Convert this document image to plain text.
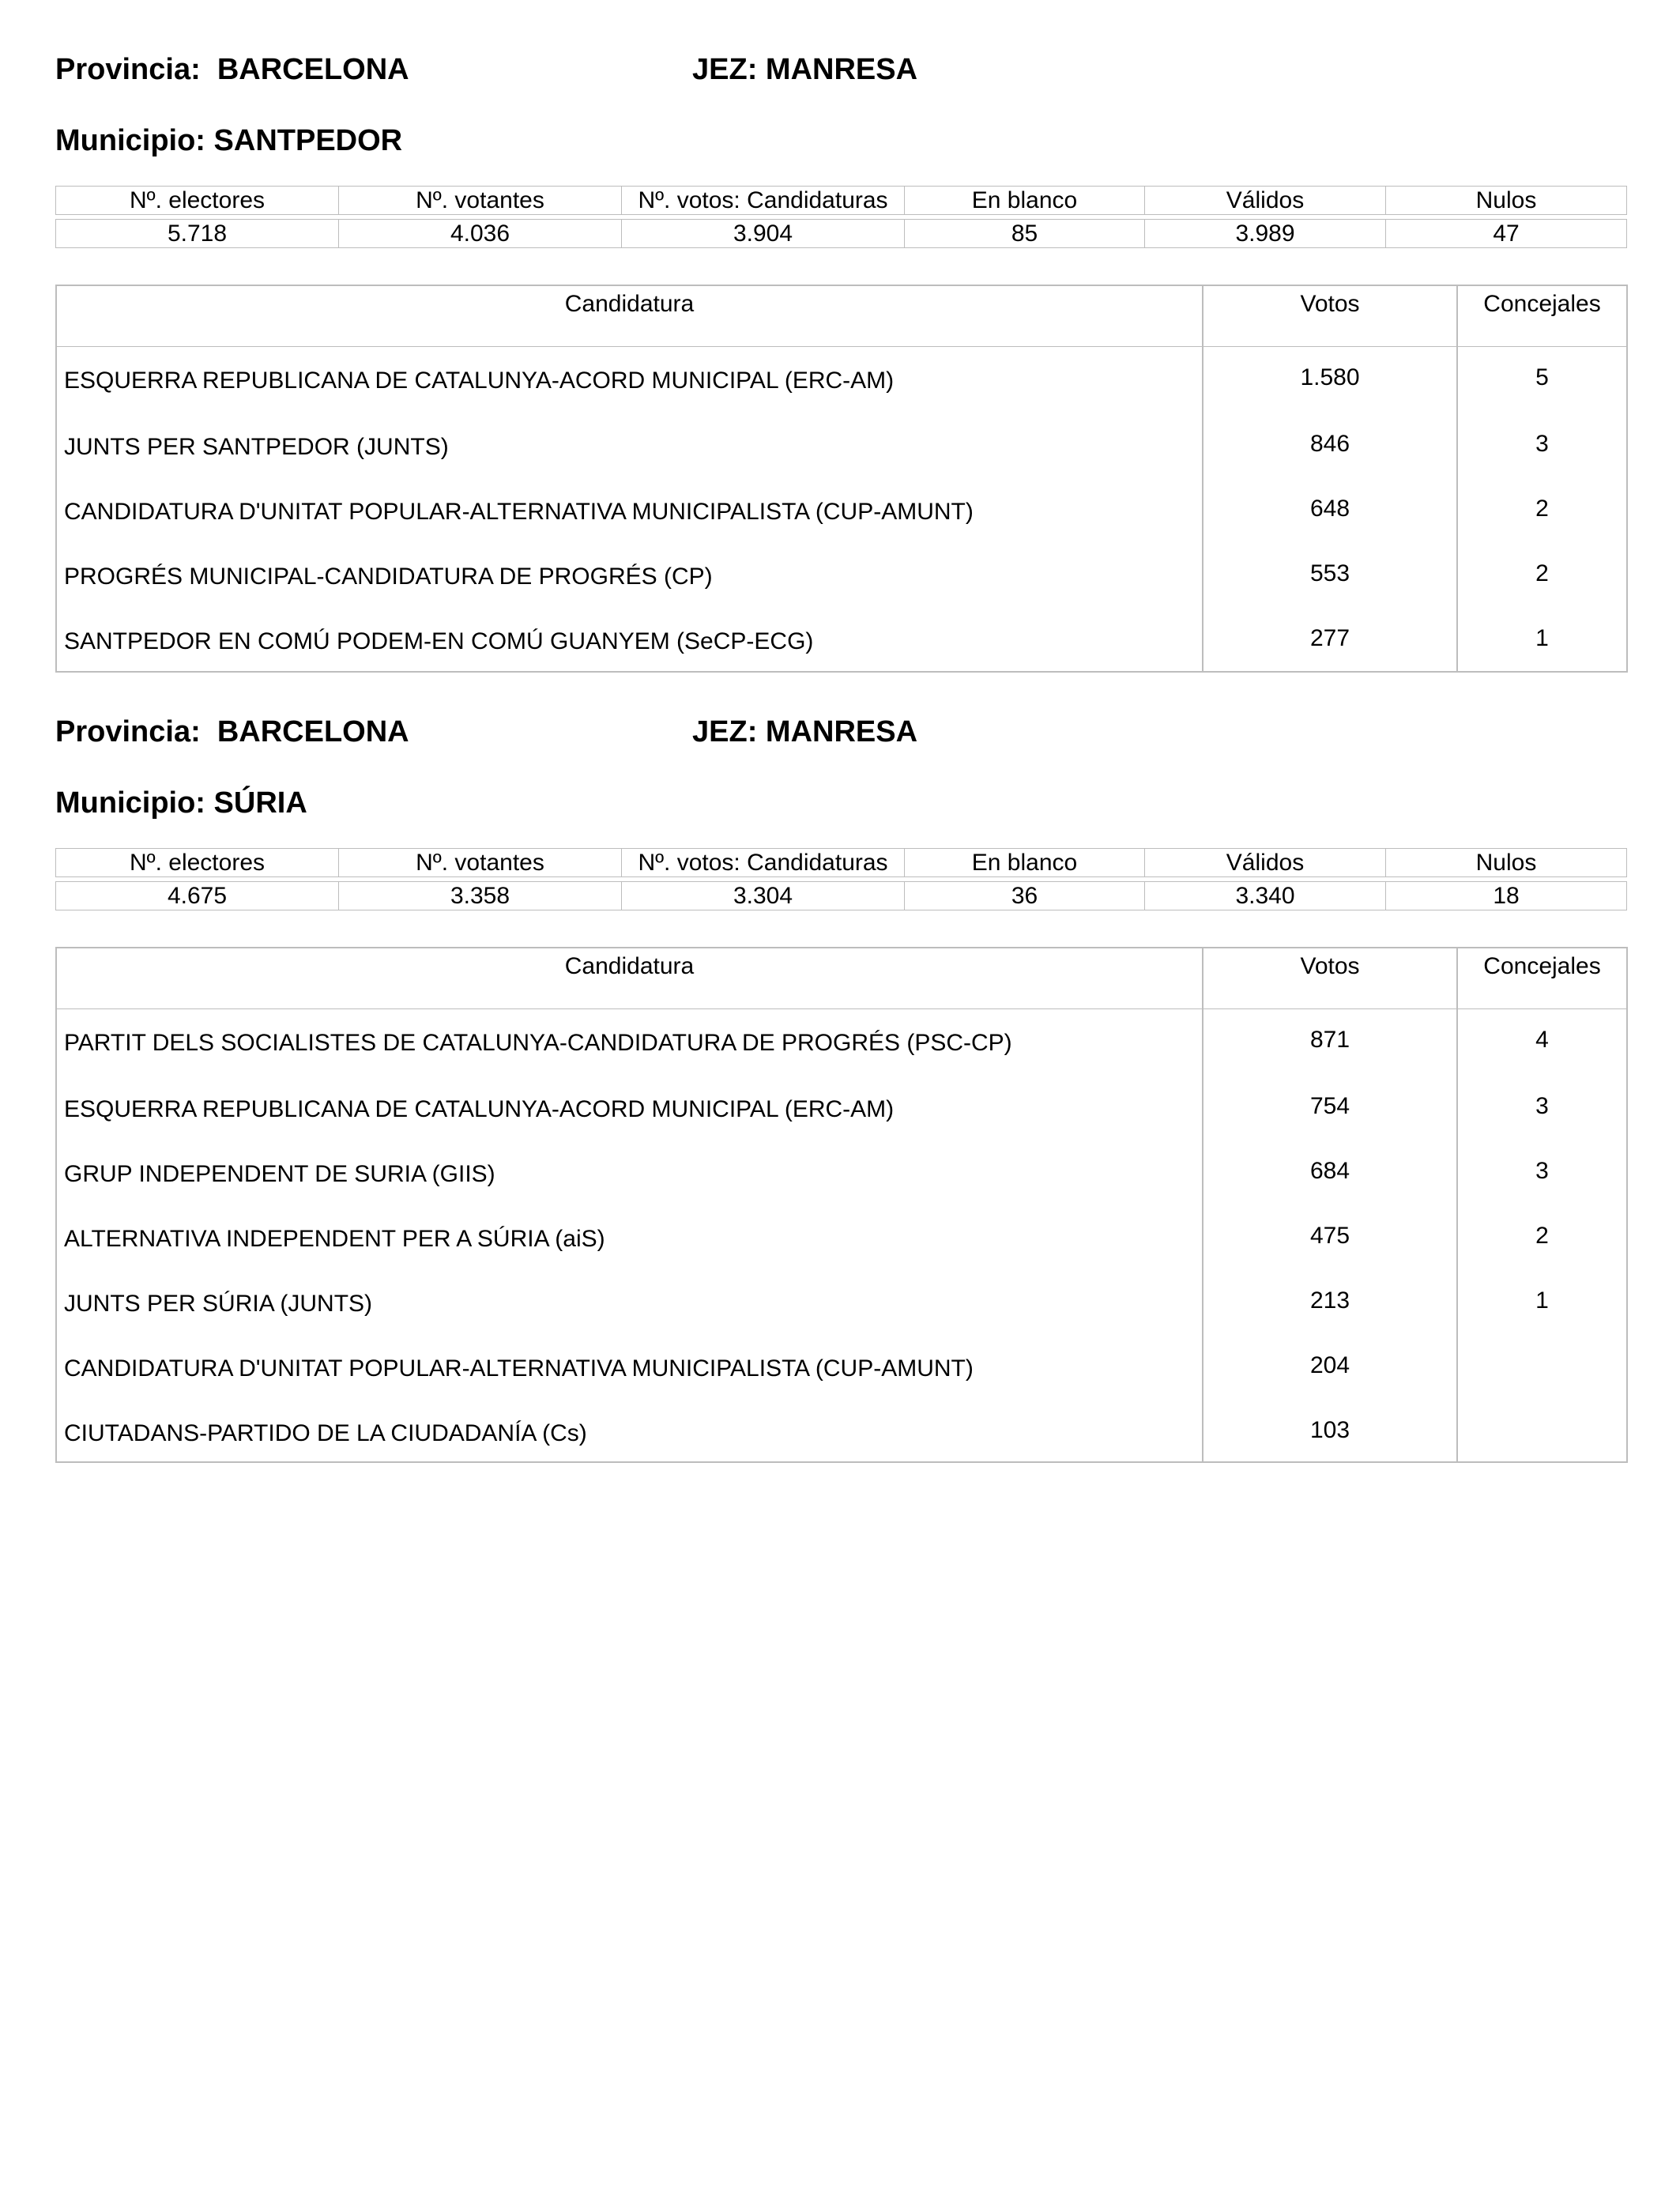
Provincia: BARCELONA	JEZ: MANRESA
Municipio: SANTPEDOR
Nº. electores	Nº. votantes	Nº. votos: Candidaturas	En blanco	Válidos	Nulos

5.718	4.036	3.904	85	3.989	47
Candidatura	Votos	Concejales
ESQUERRA REPUBLICANA DE CATALUNYA-ACORD MUNICIPAL (ERC-AM)	1.580	5
JUNTS PER SANTPEDOR (JUNTS)	846	3
CANDIDATURA D'UNITAT POPULAR-ALTERNATIVA MUNICIPALISTA (CUP-AMUNT)	648	2
PROGRÉS MUNICIPAL-CANDIDATURA DE PROGRÉS (CP)	553	2
SANTPEDOR EN COMÚ PODEM-EN COMÚ GUANYEM (SeCP-ECG)	277	1
Provincia: BARCELONA	JEZ: MANRESA
Municipio: SÚRIA
Nº. electores	Nº. votantes	Nº. votos: Candidaturas	En blanco	Válidos	Nulos

4.675	3.358	3.304	36	3.340	18
Candidatura	Votos	Concejales
PARTIT DELS SOCIALISTES DE CATALUNYA-CANDIDATURA DE PROGRÉS (PSC-CP)	871	4
ESQUERRA REPUBLICANA DE CATALUNYA-ACORD MUNICIPAL (ERC-AM)	754	3
GRUP INDEPENDENT DE SURIA (GIIS)	684	3
ALTERNATIVA INDEPENDENT PER A SÚRIA (aiS)	475	2
JUNTS PER SÚRIA (JUNTS)	213	1
CANDIDATURA D'UNITAT POPULAR-ALTERNATIVA MUNICIPALISTA (CUP-AMUNT)	204
CIUTADANS-PARTIDO DE LA CIUDADANÍA (Cs)	103
